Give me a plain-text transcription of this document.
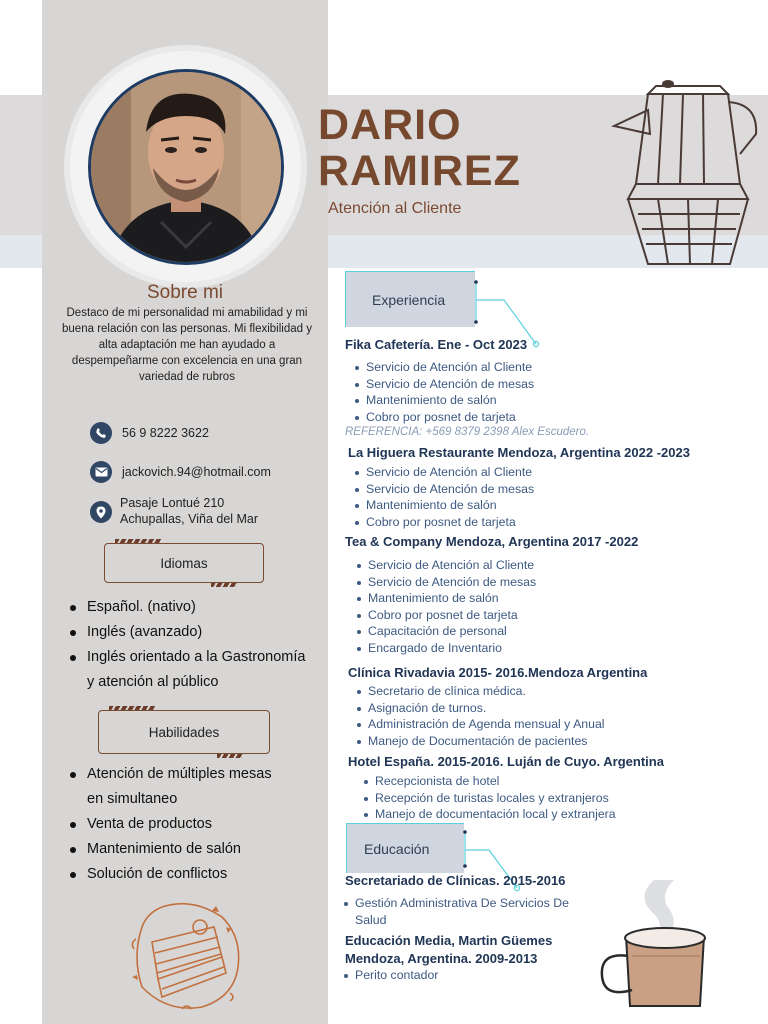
DARIO
RAMIREZ
Atención al Cliente
Sobre mi
Destaco de mi personalidad mi amabilidad y mi buena relación con las personas. Mi flexibilidad y alta adaptación me han ayudado a despempeñarme con excelencia en una gran variedad de rubros
56 9 8222 3622
jackovich.94@hotmail.com
Pasaje Lontué 210
Achupallas, Viña del Mar
Idiomas
Español. (nativo)
Inglés (avanzado)
Inglés orientado a la Gastronomía
y atención al público
Habilidades
Atención de múltiples mesas
en simultaneo
Venta de productos
Mantenimiento de salón
Solución de conflictos
Experiencia
Fika Cafetería. Ene - Oct 2023
Servicio de Atención al Cliente
Servicio de Atención de mesas
Mantenimiento de salón
Cobro por posnet de tarjeta
REFERENCIA: +569 8379 2398 Alex Escudero.
La Higuera Restaurante Mendoza, Argentina 2022 -2023
Servicio de Atención al Cliente
Servicio de Atención de mesas
Mantenimiento de salón
Cobro por posnet de tarjeta
Tea & Company Mendoza, Argentina 2017 -2022
Servicio de Atención al Cliente
Servicio de Atención de mesas
Mantenimiento de salón
Cobro por posnet de tarjeta
Capacitación de personal
Encargado de Inventario
Clínica Rivadavia 2015- 2016.Mendoza Argentina
Secretario de clínica médica.
Asignación de turnos.
Administración de Agenda mensual y Anual
Manejo de Documentación de pacientes
Hotel España. 2015-2016. Luján de Cuyo. Argentina
Recepcionista de hotel
Recepción de turistas locales y extranjeros
Manejo de documentación local y extranjera
Educación
Secretariado de Clínicas. 2015-2016
Gestión Administrativa De Servicios De Salud
Educación Media, Martin Güemes
Mendoza, Argentina. 2009-2013
Perito contador
